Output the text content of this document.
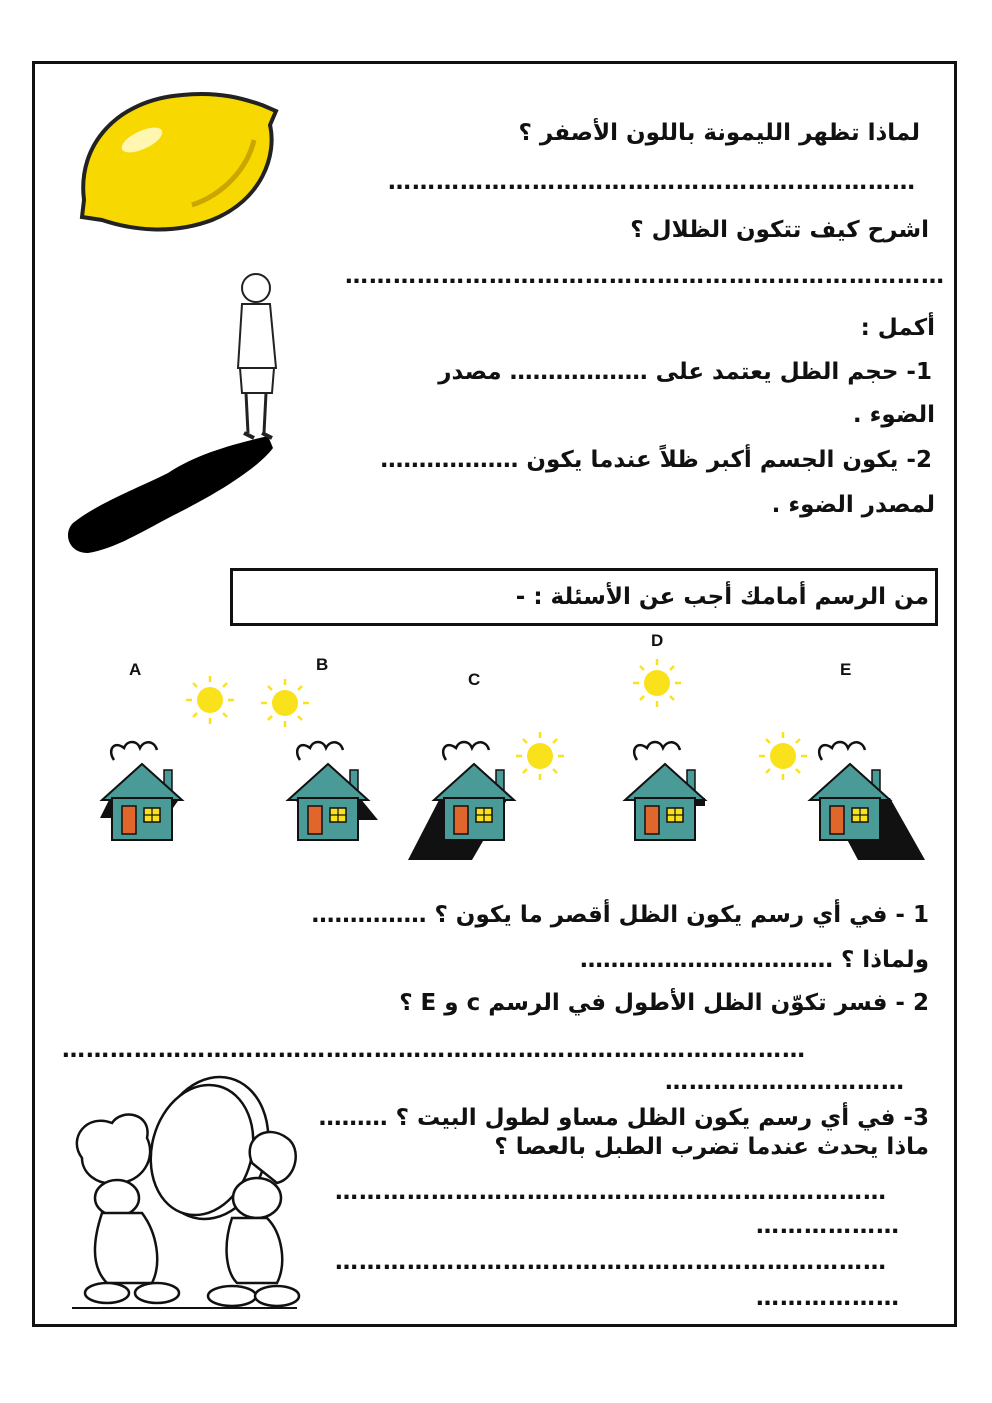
لماذا تظهر الليمونة باللون الأصفر ؟
…………………………………………………………
اشرح كيف تتكون الظلال ؟
…………………………………………………………………
أكمل :
1- حجم الظل يعتمد على ……………… مصدر
الضوء .
2- يكون الجسم أكبر ظلاً عندما يكون ………………
لمصدر الضوء .
من الرسم أمامك أجب عن الأسئلة : -
A	B
C
D
E
1 - في أي رسم يكون الظل أقصر ما يكون ؟ ……………
ولماذا ؟ ……………………………
2 - فسر تكوّن الظل الأطول في الرسم c و E ؟
…………………………………………………………………………………
…………………………
3- في أي رسم يكون الظل مساو لطول البيت ؟ ………
ماذا يحدث عندما تضرب الطبل بالعصا ؟
……………………………………………………………
………………
……………………………………………………………
………………
